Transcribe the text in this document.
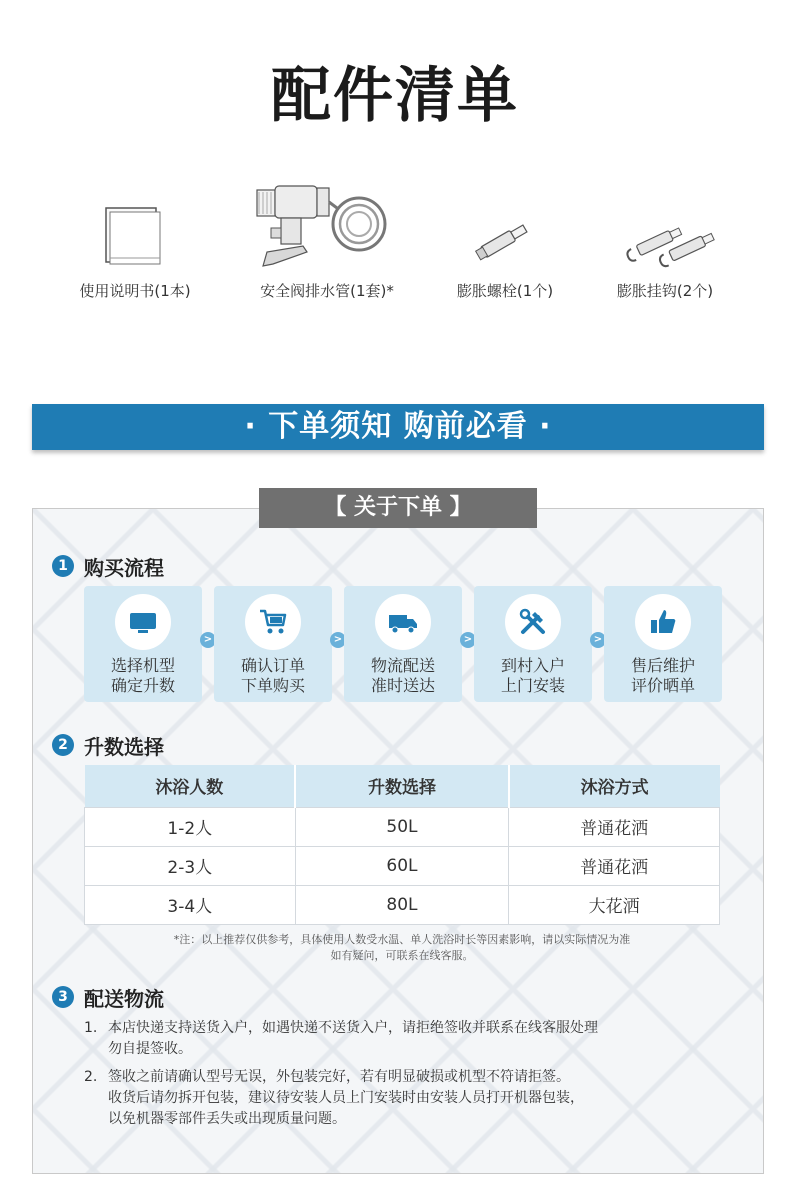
配件清单
使用说明书(1本)	安全阀排水管(1套)*	膨胀螺栓(1个)	膨胀挂钩(2个)
· 下单须知 购前必看 ·
【 关于下单 】
1 购买流程
选择机型
确定升数
>
确认订单
下单购买
>
物流配送
准时送达
>
到村入户
上门安装
>
售后维护
评价晒单
2 升数选择
沐浴人数	升数选择	沐浴方式
1-2人	50L	普通花洒
2-3人	60L	普通花洒
3-4人	80L	大花洒
*注：以上推荐仅供参考，具体使用人数受水温、单人洗浴时长等因素影响，请以实际情况为准
如有疑问，可联系在线客服。
3 配送物流
1. 本店快递支持送货入户，如遇快递不送货入户，请拒绝签收并联系在线客服处理
勿自提签收。
2. 签收之前请确认型号无误，外包装完好，若有明显破损或机型不符请拒签。
收货后请勿拆开包装，建议待安装人员上门安装时由安装人员打开机器包装，
以免机器零部件丢失或出现质量问题。
